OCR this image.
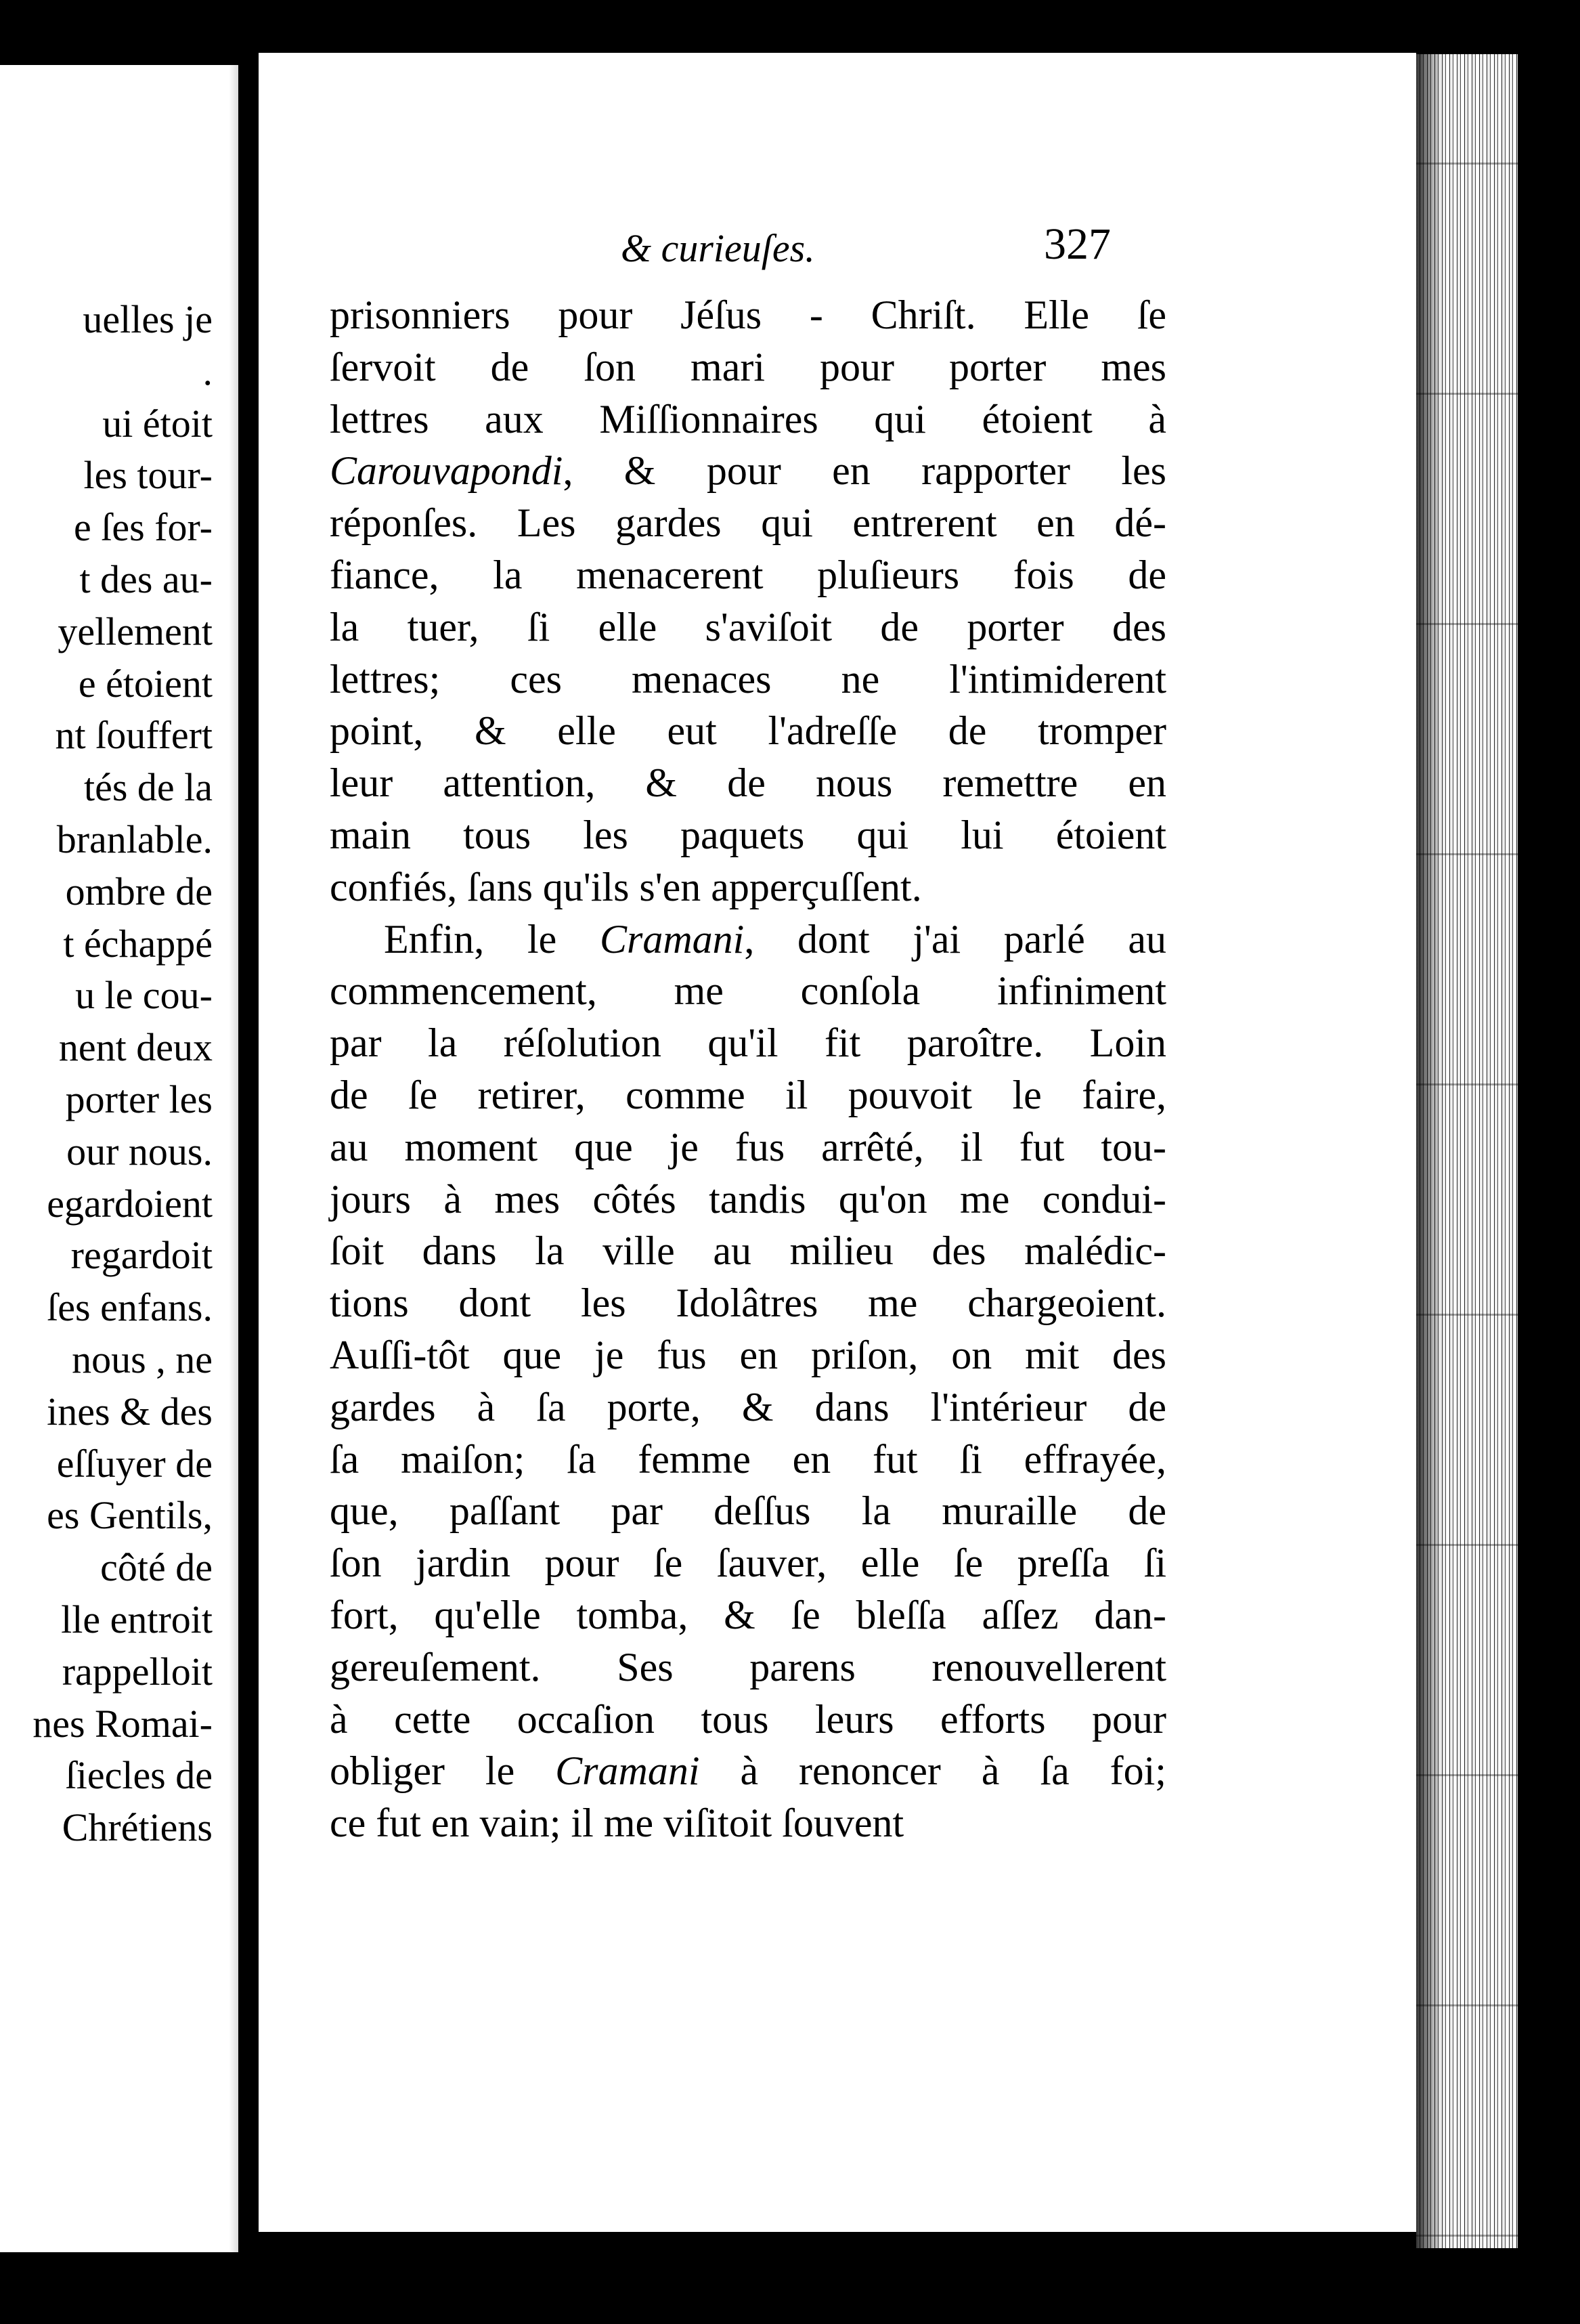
uelles je
.
ui étoit
les tour-
e ſes for-
t des au-
yellement
e étoient
nt ſouffert
tés de la
branlable.
ombre de
t échappé
u le cou-
nent deux
porter les
our nous.
egardoient
regardoit
ſes enfans.
nous , ne
ines & des
eſſuyer de
es Gentils,
côté de
lle entroit
rappelloit
nes Romai-
ſiecles de
Chrétiens
& curieuſes.	327
prisonniers pour Jéſus - Chriſt. Elle ſe
ſervoit de ſon mari pour porter mes
lettres aux Miſſionnaires qui étoient à
Carouvapondi, & pour en rapporter les
réponſes. Les gardes qui entrerent en dé-
fiance, la menacerent pluſieurs fois de
la tuer, ſi elle s'aviſoit de porter des
lettres; ces menaces ne l'intimiderent
point, & elle eut l'adreſſe de tromper
leur attention, & de nous remettre en
main tous les paquets qui lui étoient
confiés, ſans qu'ils s'en apperçuſſent.
Enfin, le Cramani, dont j'ai parlé au
commencement, me conſola infiniment
par la réſolution qu'il fit paroître. Loin
de ſe retirer, comme il pouvoit le faire,
au moment que je fus arrêté, il fut tou-
jours à mes côtés tandis qu'on me condui-
ſoit dans la ville au milieu des malédic-
tions dont les Idolâtres me chargeoient.
Auſſi-tôt que je fus en priſon, on mit des
gardes à ſa porte, & dans l'intérieur de
ſa maiſon; ſa femme en fut ſi effrayée,
que, paſſant par deſſus la muraille de
ſon jardin pour ſe ſauver, elle ſe preſſa ſi
fort, qu'elle tomba, & ſe bleſſa aſſez dan-
gereuſement. Ses parens renouvellerent
à cette occaſion tous leurs efforts pour
obliger le Cramani à renoncer à ſa foi;
ce fut en vain; il me viſitoit ſouvent
